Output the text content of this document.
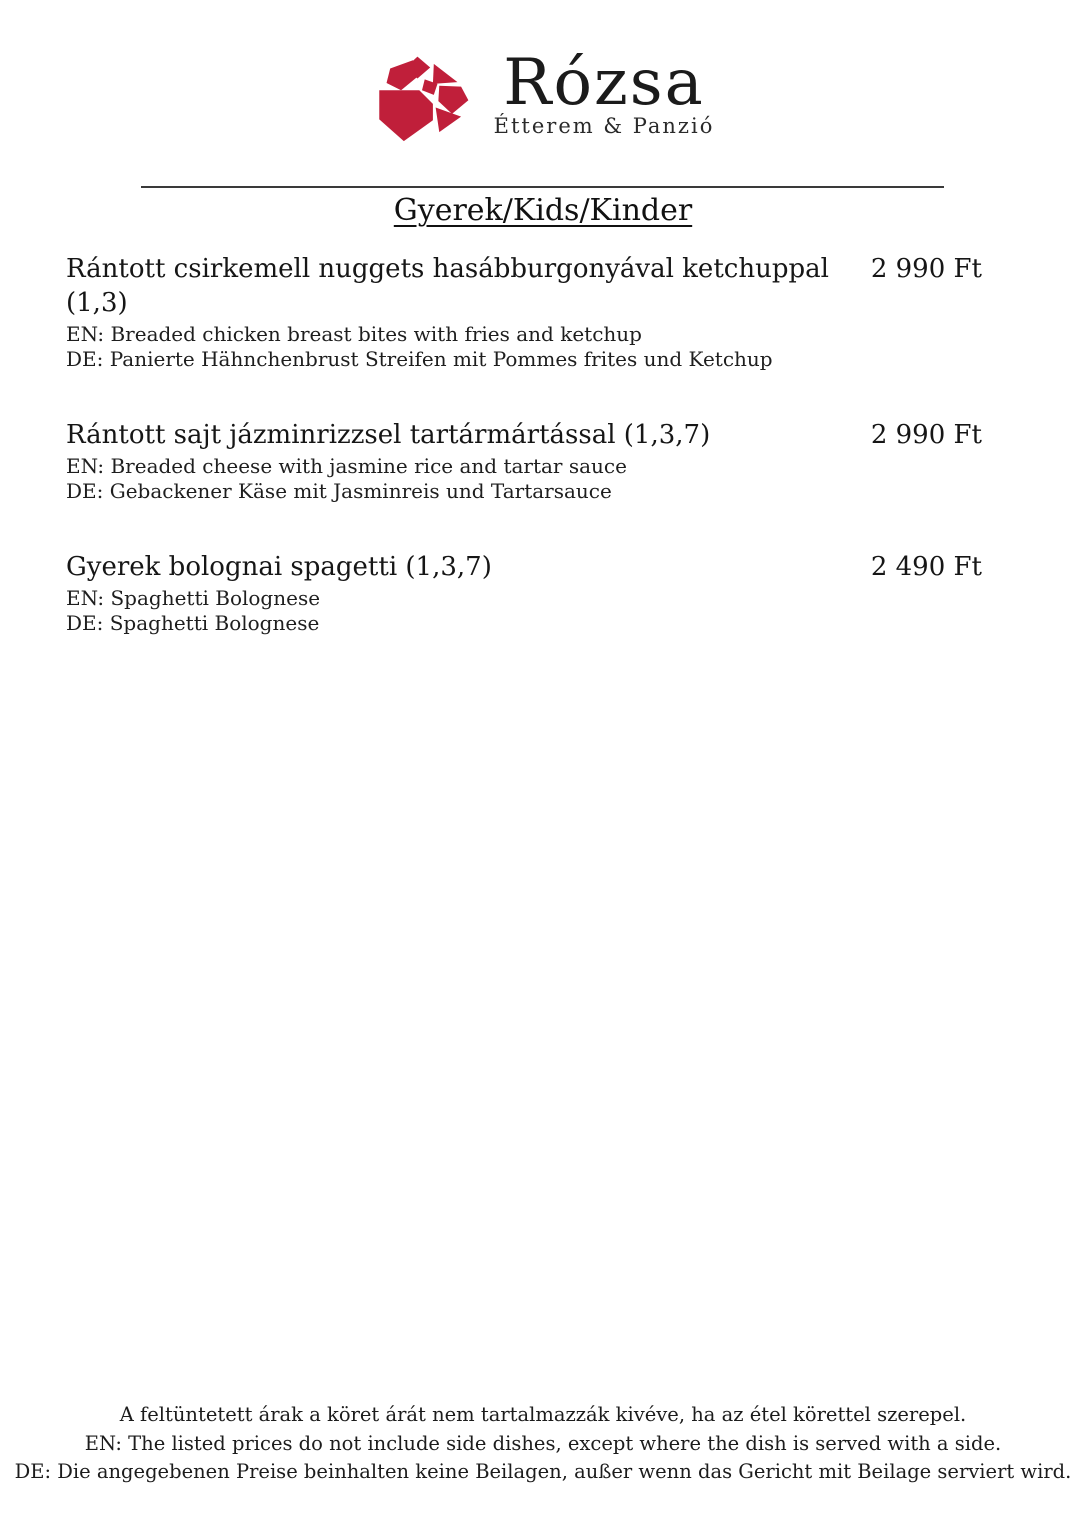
Rózsa
Étterem & Panzió
Gyerek/Kids/Kinder
Rántott csirkemell nuggets hasábburgonyával ketchuppal (1,3)
2 990 Ft
EN: Breaded chicken breast bites with fries and ketchup
DE: Panierte Hähnchenbrust Streifen mit Pommes frites und Ketchup
Rántott sajt jázminrizzsel tartármártással (1,3,7)	2 990 Ft
EN: Breaded cheese with jasmine rice and tartar sauce
DE: Gebackener Käse mit Jasminreis und Tartarsauce
Gyerek bolognai spagetti (1,3,7)	2 490 Ft
EN: Spaghetti Bolognese
DE: Spaghetti Bolognese
A feltüntetett árak a köret árát nem tartalmazzák kivéve, ha az étel körettel szerepel.
EN: The listed prices do not include side dishes, except where the dish is served with a side.
DE: Die angegebenen Preise beinhalten keine Beilagen, außer wenn das Gericht mit Beilage serviert wird.
